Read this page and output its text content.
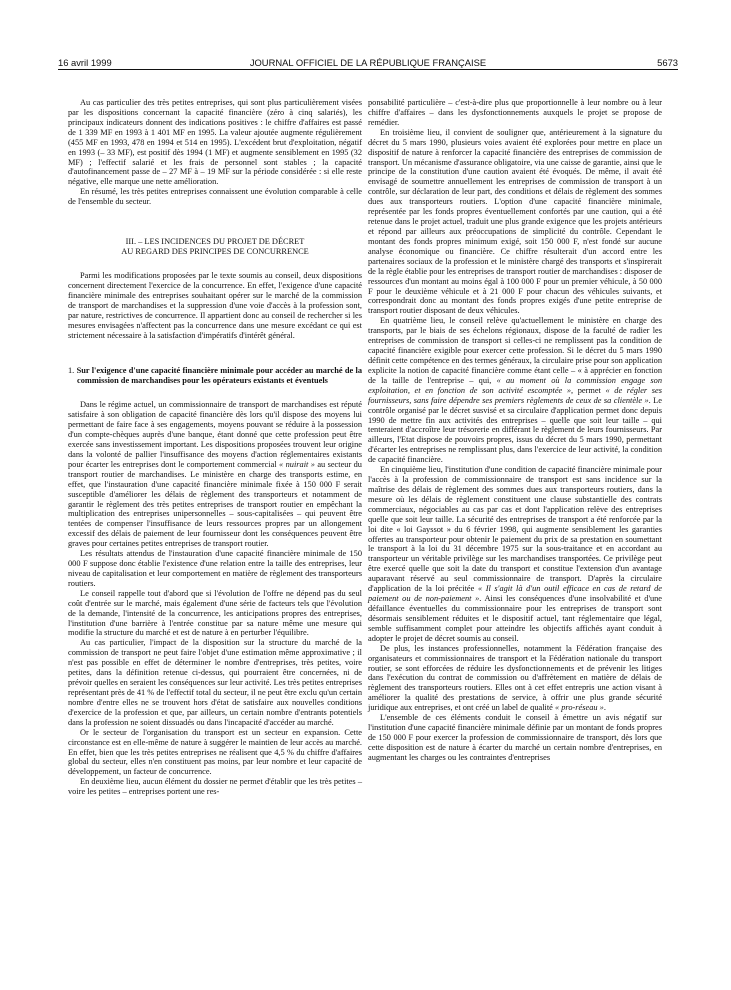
16 avril 1999	JOURNAL OFFICIEL DE LA RÉPUBLIQUE FRANÇAISE	5673

Au cas particulier des très petites entreprises, qui sont plus particulièrement visées par les dispositions concernant la capacité financière (zéro à cinq salariés), les principaux indicateurs donnent des indications positives : le chiffre d'affaires est passé de 1 339 MF en 1993 à 1 401 MF en 1995. La valeur ajoutée augmente régulièrement (455 MF en 1993, 478 en 1994 et 514 en 1995). L'excédent brut d'exploitation, négatif en 1993 (– 33 MF), est positif dès 1994 (1 MF) et augmente sensiblement en 1995 (32 MF) ; l'effectif salarié et les frais de personnel sont stables ; la capacité d'autofinancement passe de – 27 MF à – 19 MF sur la période considérée : si elle reste négative, elle marque une nette amélioration.

En résumé, les très petites entreprises connaissent une évolution comparable à celle de l'ensemble du secteur.

III. – LES INCIDENCES DU PROJET DE DÉCRET

AU REGARD DES PRINCIPES DE CONCURRENCE

Parmi les modifications proposées par le texte soumis au conseil, deux dispositions concernent directement l'exercice de la concurrence. En effet, l'exigence d'une capacité financière minimale des entreprises souhaitant opérer sur le marché de la commission de transport de marchandises et la suppression d'une voie d'accès à la profession sont, par nature, restrictives de concurrence. Il appartient donc au conseil de rechercher si les mesures envisagées n'affectent pas la concurrence dans une mesure excédant ce qui est strictement nécessaire à la satisfaction d'impératifs d'intérêt général.

1. Sur l'exigence d'une capacité financière minimale pour accéder au marché de la commission de marchandises pour les opérateurs existants et éventuels

Dans le régime actuel, un commissionnaire de transport de marchandises est réputé satisfaire à son obligation de capacité financière dès lors qu'il dispose des moyens lui permettant de faire face à ses engagements, moyens pouvant se réduire à la possession d'un compte-chèques auprès d'une banque, étant donné que cette profession peut être exercée sans investissement important. Les dispositions proposées trouvent leur origine dans la volonté de pallier l'insuffisance des moyens d'action réglementaires existants pour écarter les entreprises dont le comportement commercial « nuirait » au secteur du transport routier de marchandises. Le ministère en charge des transports estime, en effet, que l'instauration d'une capacité financière minimale fixée à 150 000 F serait susceptible d'améliorer les délais de règlement des transporteurs et notamment de garantir le règlement des très petites entreprises de transport routier en empêchant la multiplication des entreprises unipersonnelles – sous-capitalisées – qui peuvent être tentées de compenser l'insuffisance de leurs ressources propres par un allongement excessif des délais de paiement de leur fournisseur dont les conséquences peuvent être graves pour certaines petites entreprises de transport routier.

Les résultats attendus de l'instauration d'une capacité financière minimale de 150 000 F suppose donc établie l'existence d'une relation entre la taille des entreprises, leur niveau de capitalisation et leur comportement en matière de règlement des transporteurs routiers.

Le conseil rappelle tout d'abord que si l'évolution de l'offre ne dépend pas du seul coût d'entrée sur le marché, mais également d'une série de facteurs tels que l'évolution de la demande, l'intensité de la concurrence, les anticipations propres des entreprises, l'institution d'une barrière à l'entrée constitue par sa nature même une mesure qui modifie la structure du marché et est de nature à en perturber l'équilibre.

Au cas particulier, l'impact de la disposition sur la structure du marché de la commission de transport ne peut faire l'objet d'une estimation même approximative ; il n'est pas possible en effet de déterminer le nombre d'entreprises, très petites, voire petites, dans la définition retenue ci-dessus, qui pourraient être concernées, ni de prévoir quelles en seraient les conséquences sur leur activité. Les très petites entreprises représentant près de 41 % de l'effectif total du secteur, il ne peut être exclu qu'un certain nombre d'entre elles ne se trouvent hors d'état de satisfaire aux nouvelles conditions d'exercice de la profession et que, par ailleurs, un certain nombre d'entrants potentiels dans la profession ne soient dissuadés ou dans l'incapacité d'accéder au marché.

Or le secteur de l'organisation du transport est un secteur en expansion. Cette circonstance est en elle-même de nature à suggérer le maintien de leur accès au marché. En effet, bien que les très petites entreprises ne réalisent que 4,5 % du chiffre d'affaires global du secteur, elles n'en constituent pas moins, par leur nombre et leur capacité de développement, un facteur de concurrence.

En deuxième lieu, aucun élément du dossier ne permet d'établir que les très petites – voire les petites – entreprises portent une res-

ponsabilité particulière – c'est-à-dire plus que proportionnelle à leur nombre ou à leur chiffre d'affaires – dans les dysfonctionnements auxquels le projet se propose de remédier.

En troisième lieu, il convient de souligner que, antérieurement à la signature du décret du 5 mars 1990, plusieurs voies avaient été explorées pour mettre en place un dispositif de nature à renforcer la capacité financière des entreprises de commission de transport. Un mécanisme d'assurance obligatoire, via une caisse de garantie, ainsi que le principe de la constitution d'une caution avaient été évoqués. De même, il avait été envisagé de soumettre annuellement les entreprises de commission de transport à un contrôle, sur déclaration de leur part, des conditions et délais de règlement des sommes dues aux transporteurs routiers. L'option d'une capacité financière minimale, représentée par les fonds propres éventuellement confortés par une caution, qui a été retenue dans le projet actuel, traduit une plus grande exigence que les projets antérieurs et répond par ailleurs aux préoccupations de simplicité du contrôle. Cependant le montant des fonds propres minimum exigé, soit 150 000 F, n'est fondé sur aucune analyse économique ou financière. Ce chiffre résulterait d'un accord entre les partenaires sociaux de la profession et le ministère chargé des transports et s'inspirerait de la règle établie pour les entreprises de transport routier de marchandises : disposer de ressources d'un montant au moins égal à 100 000 F pour un premier véhicule, à 50 000 F pour le deuxième véhicule et à 21 000 F pour chacun des véhicules suivants, et correspondrait donc au montant des fonds propres exigés d'une petite entreprise de transport routier disposant de deux véhicules.

En quatrième lieu, le conseil relève qu'actuellement le ministère en charge des transports, par le biais de ses échelons régionaux, dispose de la faculté de radier les entreprises de commission de transport si celles-ci ne remplissent pas la condition de capacité financière exigible pour exercer cette profession. Si le décret du 5 mars 1990 définit cette compétence en des termes généraux, la circulaire prise pour son application explicite la notion de capacité financière comme étant celle – « à apprécier en fonction de la taille de l'entreprise – qui, « au moment où la commission engage son exploitation, et en fonction de son activité escomptée », permet « de régler ses fournisseurs, sans faire dépendre ses premiers règlements de ceux de sa clientèle ». Le contrôle organisé par le décret susvisé et sa circulaire d'application permet donc depuis 1990 de mettre fin aux activités des entreprises – quelle que soit leur taille – qui tenteraient d'accroître leur trésorerie en différant le règlement de leurs fournisseurs. Par ailleurs, l'Etat dispose de pouvoirs propres, issus du décret du 5 mars 1990, permettant d'écarter les entreprises ne remplissant plus, dans l'exercice de leur activité, la condition de capacité financière.

En cinquième lieu, l'institution d'une condition de capacité financière minimale pour l'accès à la profession de commissionnaire de transport est sans incidence sur la maîtrise des délais de règlement des sommes dues aux transporteurs routiers, dans la mesure où les délais de règlement constituent une clause substantielle des contrats commerciaux, négociables au cas par cas et dont l'application relève des entreprises quelle que soit leur taille. La sécurité des entreprises de transport a été renforcée par la loi dite « loi Gayssot » du 6 février 1998, qui augmente sensiblement les garanties offertes au transporteur pour obtenir le paiement du prix de sa prestation en soumettant le transport à la loi du 31 décembre 1975 sur la sous-traitance et en accordant au transporteur un véritable privilège sur les marchandises transportées. Ce privilège peut être exercé quelle que soit la date du transport et constitue l'extension d'un avantage auparavant réservé au seul commissionnaire de transport. D'après la circulaire d'application de la loi précitée « Il s'agit là d'un outil efficace en cas de retard de paiement ou de non-paiement ». Ainsi les conséquences d'une insolvabilité et d'une défaillance éventuelles du commissionnaire pour les entreprises de transport sont désormais sensiblement réduites et le dispositif actuel, tant réglementaire que légal, semble suffisamment complet pour atteindre les objectifs affichés ayant conduit à adopter le projet de décret soumis au conseil.

De plus, les instances professionnelles, notamment la Fédération française des organisateurs et commissionnaires de transport et la Fédération nationale du transport routier, se sont efforcées de réduire les dysfonctionnements et de prévenir les litiges dans l'exécution du contrat de commission ou d'affrètement en matière de délais de règlement des transporteurs routiers. Elles ont à cet effet entrepris une action visant à améliorer la qualité des prestations de service, à offrir une plus grande sécurité juridique aux entreprises, et ont créé un label de qualité « pro-réseau ».

L'ensemble de ces éléments conduit le conseil à émettre un avis négatif sur l'institution d'une capacité financière minimale définie par un montant de fonds propres de 150 000 F pour exercer la profession de commissionnaire de transport, dès lors que cette disposition est de nature à écarter du marché un certain nombre d'entreprises, en augmentant les charges ou les contraintes d'entreprises
